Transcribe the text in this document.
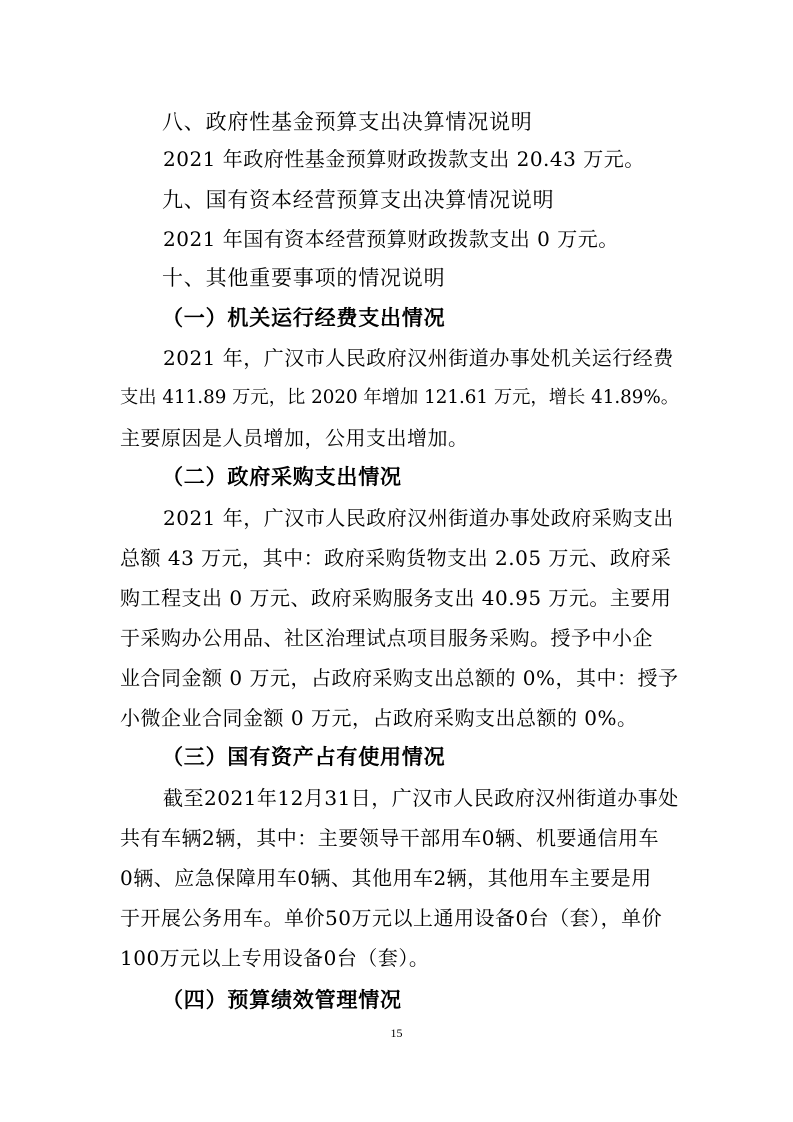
八、政府性基金预算支出决算情况说明
2021 年政府性基金预算财政拨款支出 20.43 万元。
九、国有资本经营预算支出决算情况说明
2021 年国有资本经营预算财政拨款支出 0 万元。
十、其他重要事项的情况说明
（一）机关运行经费支出情况
2021 年，广汉市人民政府汉州街道办事处机关运行经费
支出 411.89 万元，比 2020 年增加 121.61 万元，增长 41.89%。
主要原因是人员增加，公用支出增加。
（二）政府采购支出情况
2021 年，广汉市人民政府汉州街道办事处政府采购支出
总额 43 万元，其中：政府采购货物支出 2.05 万元、政府采
购工程支出 0 万元、政府采购服务支出 40.95 万元。主要用
于采购办公用品、社区治理试点项目服务采购。授予中小企
业合同金额 0 万元，占政府采购支出总额的 0%，其中：授予
小微企业合同金额 0 万元，占政府采购支出总额的 0%。
（三）国有资产占有使用情况
截至2021年12月31日，广汉市人民政府汉州街道办事处
共有车辆2辆，其中：主要领导干部用车0辆、机要通信用车
0辆、应急保障用车0辆、其他用车2辆，其他用车主要是用
于开展公务用车。单价50万元以上通用设备0台（套），单价
100万元以上专用设备0台（套）。
（四）预算绩效管理情况
15
